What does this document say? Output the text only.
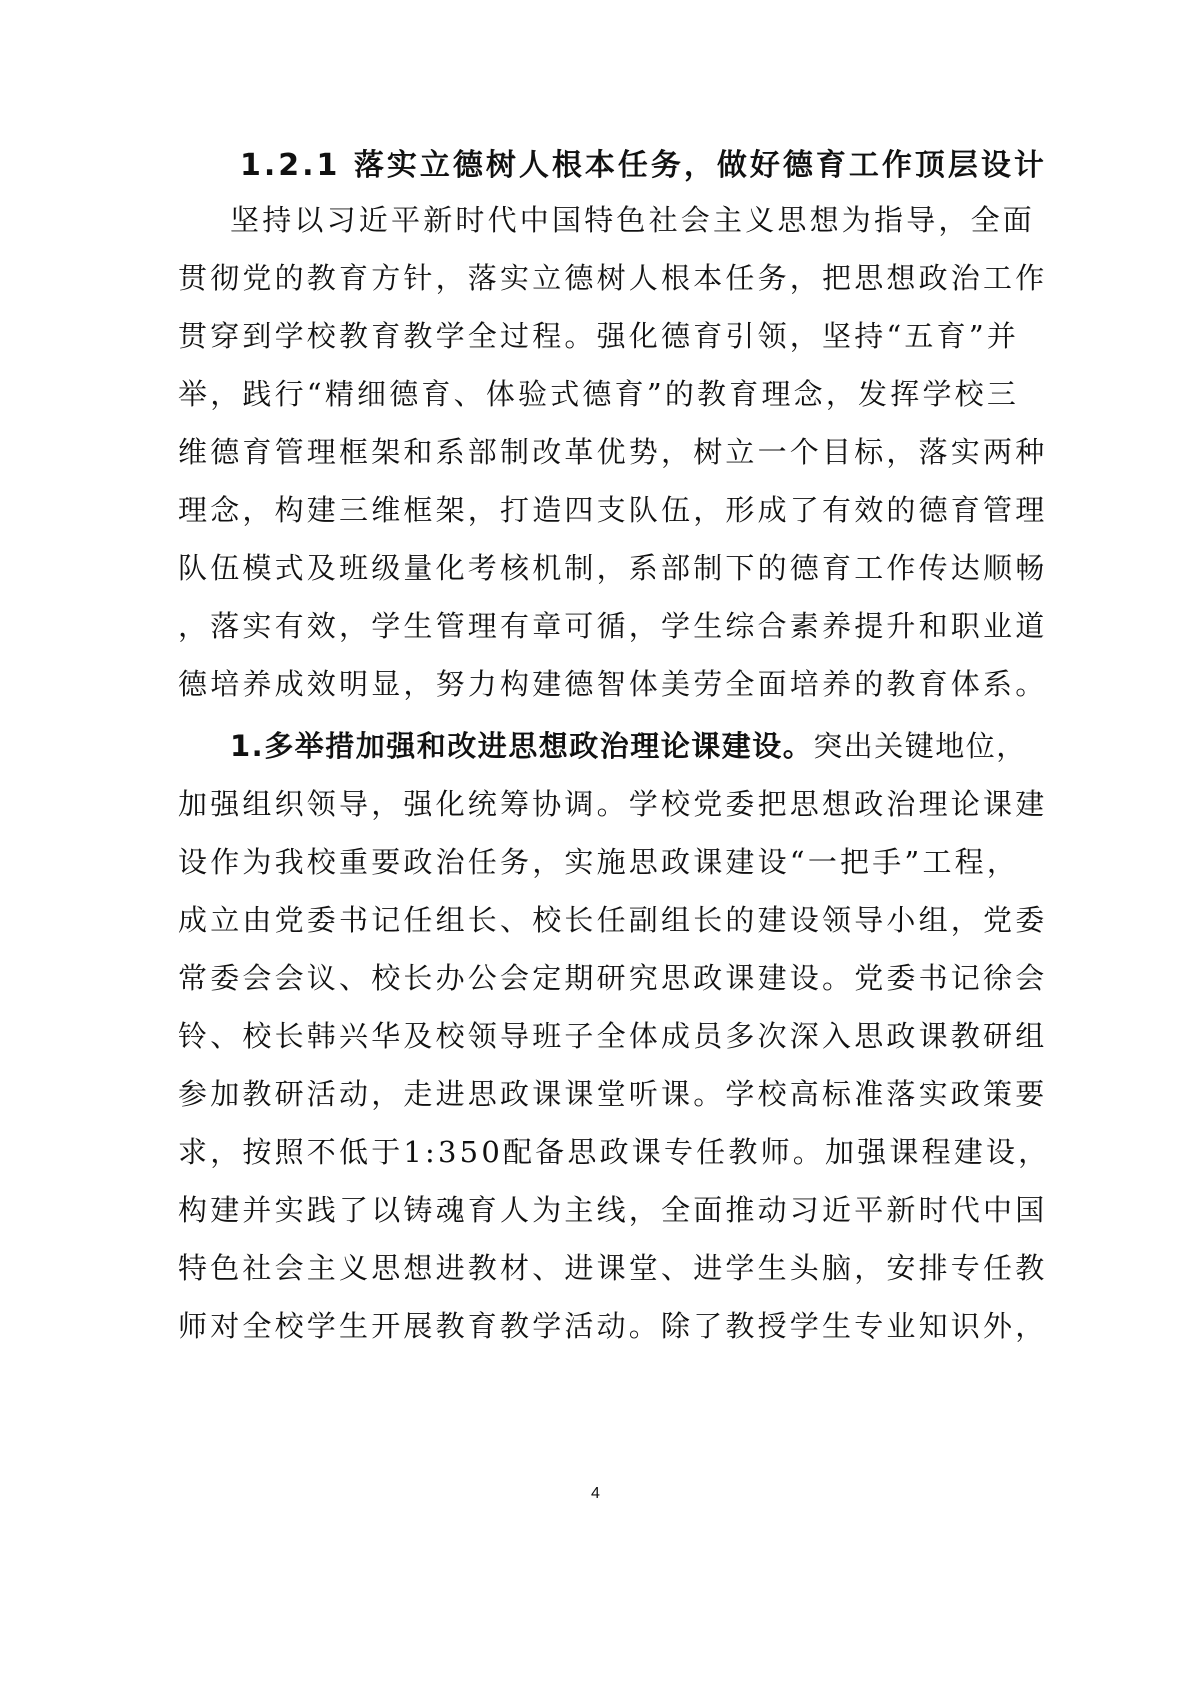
1.2.1 落实立德树人根本任务，做好德育工作顶层设计
坚持以习近平新时代中国特色社会主义思想为指导，全面
贯彻党的教育方针，落实立德树人根本任务，把思想政治工作
贯穿到学校教育教学全过程。强化德育引领，坚持“五育”并
举，践行“精细德育、体验式德育”的教育理念，发挥学校三
维德育管理框架和系部制改革优势，树立一个目标，落实两种
理念，构建三维框架，打造四支队伍，形成了有效的德育管理
队伍模式及班级量化考核机制，系部制下的德育工作传达顺畅
，落实有效，学生管理有章可循，学生综合素养提升和职业道
德培养成效明显，努力构建德智体美劳全面培养的教育体系。
1.多举措加强和改进思想政治理论课建设。突出关键地位，
加强组织领导，强化统筹协调。学校党委把思想政治理论课建
设作为我校重要政治任务，实施思政课建设“一把手”工程，
成立由党委书记任组长、校长任副组长的建设领导小组，党委
常委会会议、校长办公会定期研究思政课建设。党委书记徐会
铃、校长韩兴华及校领导班子全体成员多次深入思政课教研组
参加教研活动，走进思政课课堂听课。学校高标准落实政策要
求，按照不低于1:350配备思政课专任教师。加强课程建设，
构建并实践了以铸魂育人为主线，全面推动习近平新时代中国
特色社会主义思想进教材、进课堂、进学生头脑，安排专任教
师对全校学生开展教育教学活动。除了教授学生专业知识外，
4
